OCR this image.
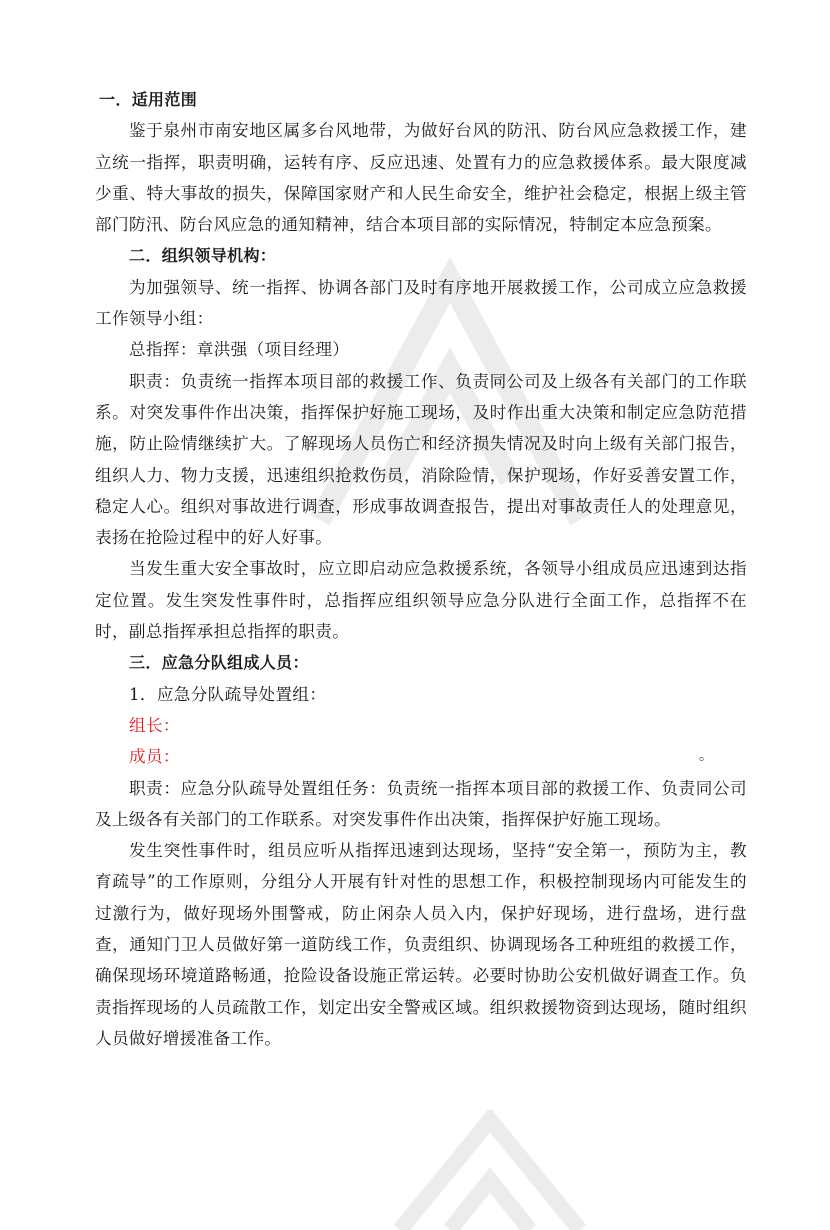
一．适用范围

鉴于泉州市南安地区属多台风地带，为做好台风的防汛、防台风应急救援工作，建立统一指挥，职责明确，运转有序、反应迅速、处置有力的应急救援体系。最大限度减少重、特大事故的损失，保障国家财产和人民生命安全，维护社会稳定，根据上级主管部门防汛、防台风应急的通知精神，结合本项目部的实际情况，特制定本应急预案。

二．组织领导机构：

为加强领导、统一指挥、协调各部门及时有序地开展救援工作，公司成立应急救援工作领导小组：

总指挥：章洪强（项目经理）

职责：负责统一指挥本项目部的救援工作、负责同公司及上级各有关部门的工作联系。对突发事件作出决策，指挥保护好施工现场，及时作出重大决策和制定应急防范措施，防止险情继续扩大。了解现场人员伤亡和经济损失情况及时向上级有关部门报告，组织人力、物力支援，迅速组织抢救伤员，消除险情，保护现场，作好妥善安置工作，稳定人心。组织对事故进行调查，形成事故调查报告，提出对事故责任人的处理意见，表扬在抢险过程中的好人好事。

当发生重大安全事故时，应立即启动应急救援系统，各领导小组成员应迅速到达指定位置。发生突发性事件时，总指挥应组织领导应急分队进行全面工作，总指挥不在时，副总指挥承担总指挥的职责。

三．应急分队组成人员：

1．应急分队疏导处置组：

组长：

成员：	。

职责：应急分队疏导处置组任务：负责统一指挥本项目部的救援工作、负责同公司及上级各有关部门的工作联系。对突发事件作出决策，指挥保护好施工现场。

发生突性事件时，组员应听从指挥迅速到达现场，坚持“安全第一，预防为主，教育疏导”的工作原则，分组分人开展有针对性的思想工作，积极控制现场内可能发生的过激行为，做好现场外围警戒，防止闲杂人员入内，保护好现场，进行盘场，进行盘查，通知门卫人员做好第一道防线工作，负责组织、协调现场各工种班组的救援工作，确保现场环境道路畅通，抢险设备设施正常运转。必要时协助公安机做好调查工作。负责指挥现场的人员疏散工作，划定出安全警戒区域。组织救援物资到达现场，随时组织人员做好增援准备工作。
